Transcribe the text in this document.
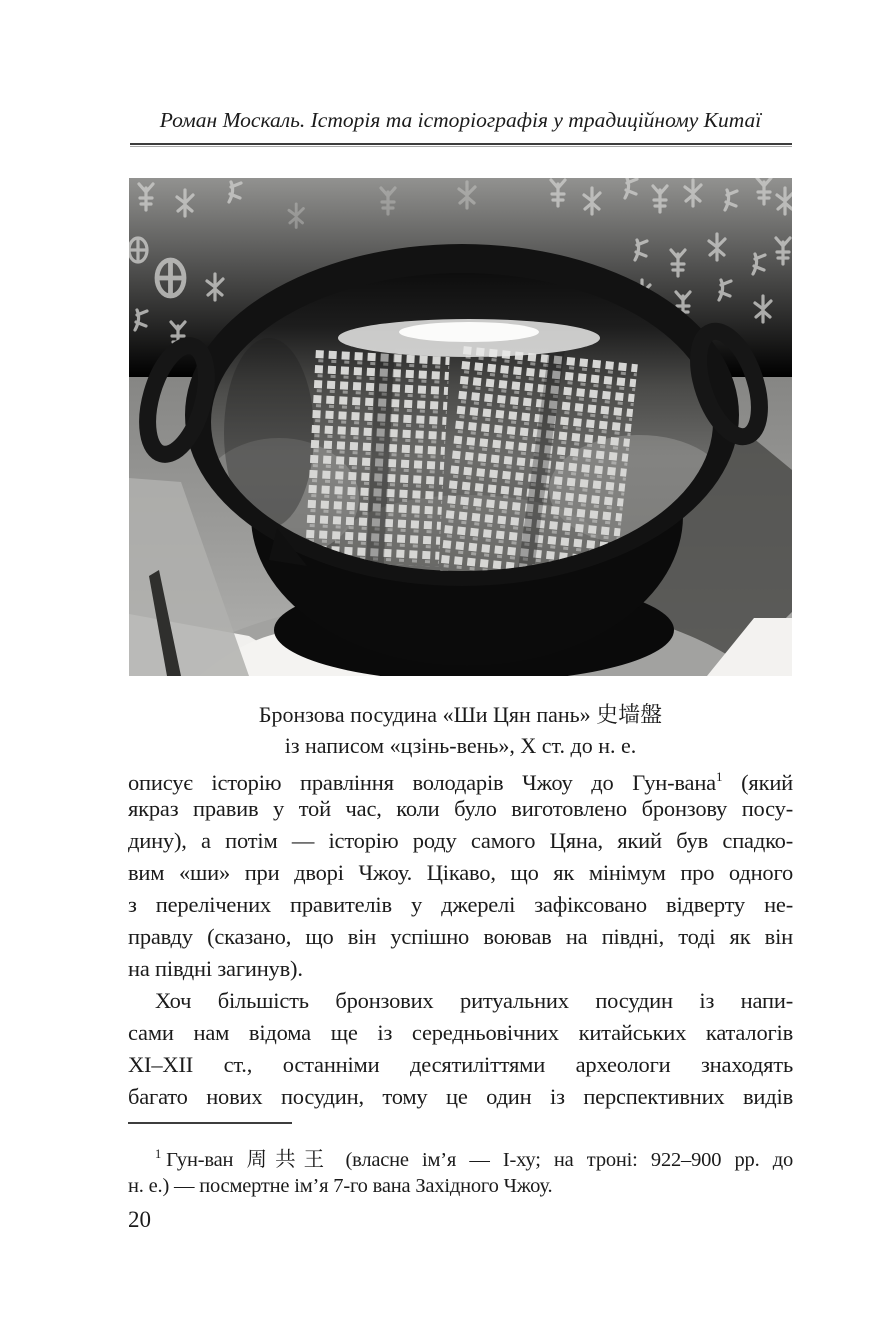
Роман Москаль. Історія та історіографія у традиційному Китаї
Бронзова посудина «Ши Цян пань» 史墙盤
із написом «цзінь-вень», X ст. до н. е.
описує історію правління володарів Чжоу до Гун-вана$^1$ (який
якраз правив у той час, коли було виготовлено бронзову посу-
дину), а потім — історію роду самого Цяна, який був спадко-
вим «ши» при дворі Чжоу. Цікаво, що як мінімум про одного
з перелічених правителів у джерелі зафіксовано відверту не-
правду (сказано, що він успішно воював на півдні, тоді як він
на півдні загинув).
Хоч більшість бронзових ритуальних посудин із напи-
сами нам відома ще із середньовічних китайських каталогів
XI–XII ст., останніми десятиліттями археологи знаходять
багато нових посудин, тому це один із перспективних видів
$^1$ Гун-ван 周共王 (власне ім’я — І-ху; на троні: 922–900 рр. до
н. е.) — посмертне ім’я 7-го вана Західного Чжоу.
20
